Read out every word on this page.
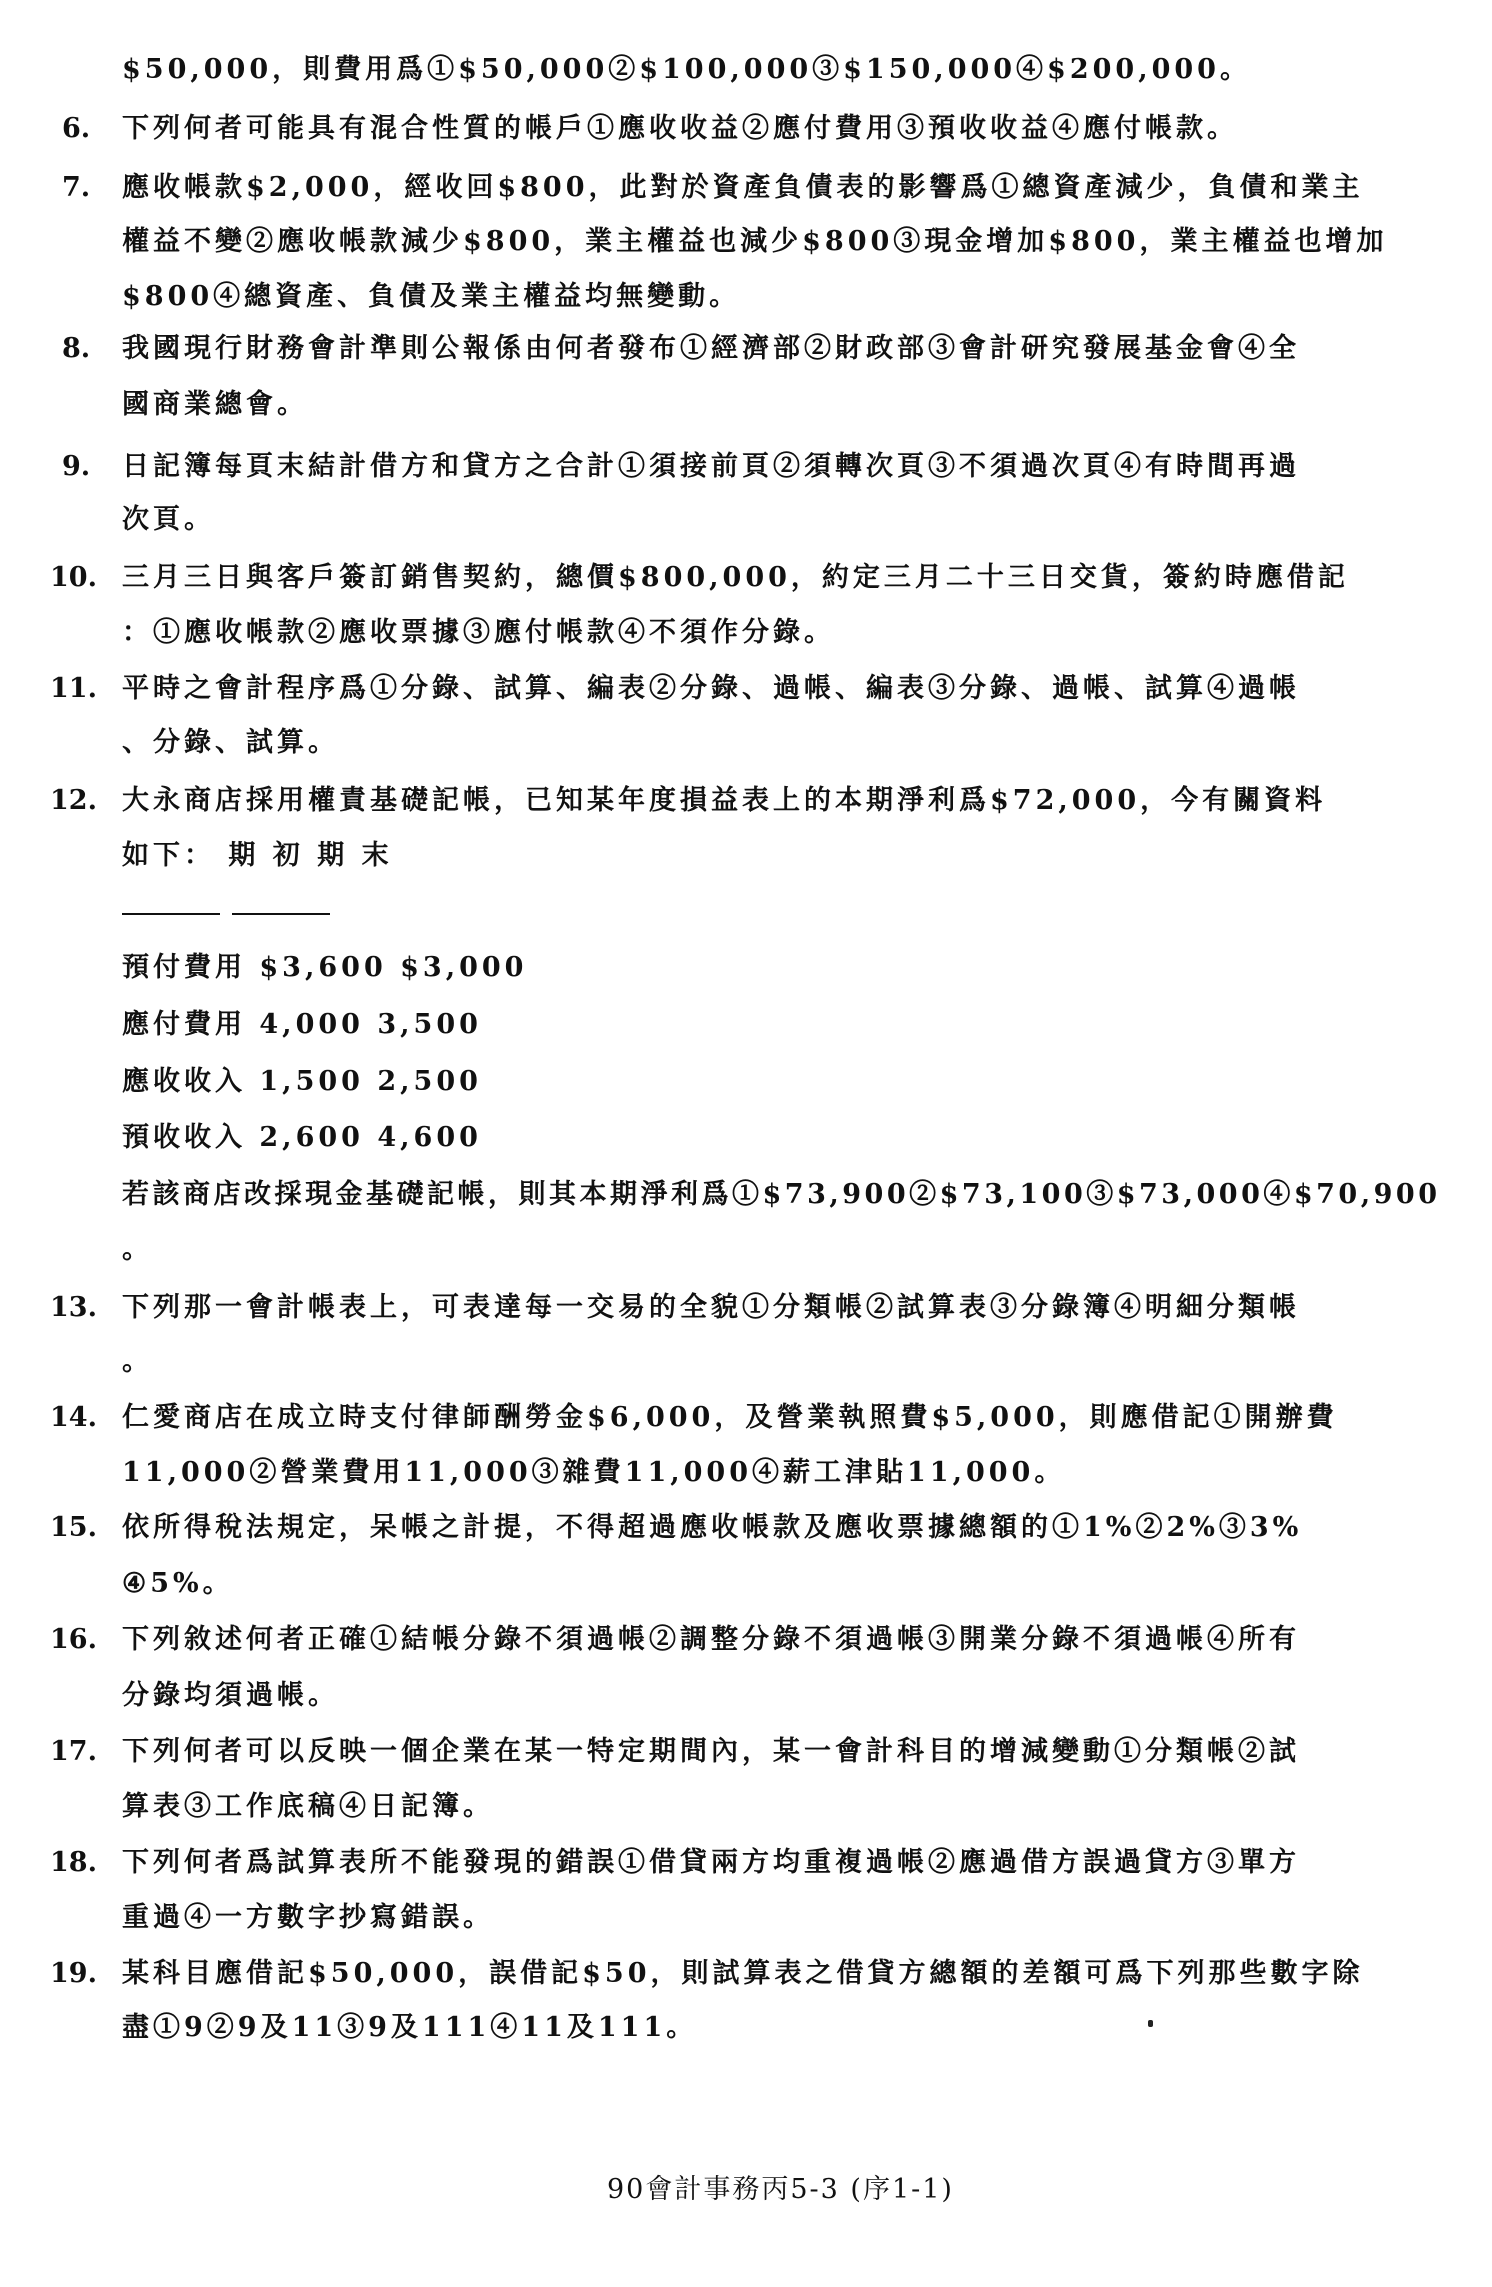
6.
7.
8.
9.
10.
11.
12.
13.
14.
15.
16.
17.
18.
19.
$50,000，則費用爲①$50,000②$100,000③$150,000④$200,000。
下列何者可能具有混合性質的帳戶①應收收益②應付費用③預收收益④應付帳款。
應收帳款$2,000，經收回$800，此對於資產負債表的影響爲①總資產減少，負債和業主
權益不變②應收帳款減少$800，業主權益也減少$800③現金增加$800，業主權益也增加
$800④總資產、負債及業主權益均無變動。
我國現行財務會計準則公報係由何者發布①經濟部②財政部③會計研究發展基金會④全
國商業總會。
日記簿每頁末結計借方和貸方之合計①須接前頁②須轉次頁③不須過次頁④有時間再過
次頁。
三月三日與客戶簽訂銷售契約，總價$800,000，約定三月二十三日交貨，簽約時應借記
：①應收帳款②應收票據③應付帳款④不須作分錄。
平時之會計程序爲①分錄、試算、編表②分錄、過帳、編表③分錄、過帳、試算④過帳
、分錄、試算。
大永商店採用權責基礎記帳，已知某年度損益表上的本期淨利爲$72,000，今有關資料
如下： 期 初 期 末
預付費用 $3,600 $3,000
應付費用 4,000 3,500
應收收入 1,500 2,500
預收收入 2,600 4,600
若該商店改採現金基礎記帳，則其本期淨利爲①$73,900②$73,100③$73,000④$70,900
。
下列那一會計帳表上，可表達每一交易的全貌①分類帳②試算表③分錄簿④明細分類帳
。
仁愛商店在成立時支付律師酬勞金$6,000，及營業執照費$5,000，則應借記①開辦費
11,000②營業費用11,000③雜費11,000④薪工津貼11,000。
依所得稅法規定，呆帳之計提，不得超過應收帳款及應收票據總額的①1%②2%③3%
④5%。
下列敘述何者正確①結帳分錄不須過帳②調整分錄不須過帳③開業分錄不須過帳④所有
分錄均須過帳。
下列何者可以反映一個企業在某一特定期間內，某一會計科目的增減變動①分類帳②試
算表③工作底稿④日記簿。
下列何者爲試算表所不能發現的錯誤①借貸兩方均重複過帳②應過借方誤過貸方③單方
重過④一方數字抄寫錯誤。
某科目應借記$50,000，誤借記$50，則試算表之借貸方總額的差額可爲下列那些數字除
盡①9②9及11③9及111④11及111。
90會計事務丙5-3 (序1-1)
